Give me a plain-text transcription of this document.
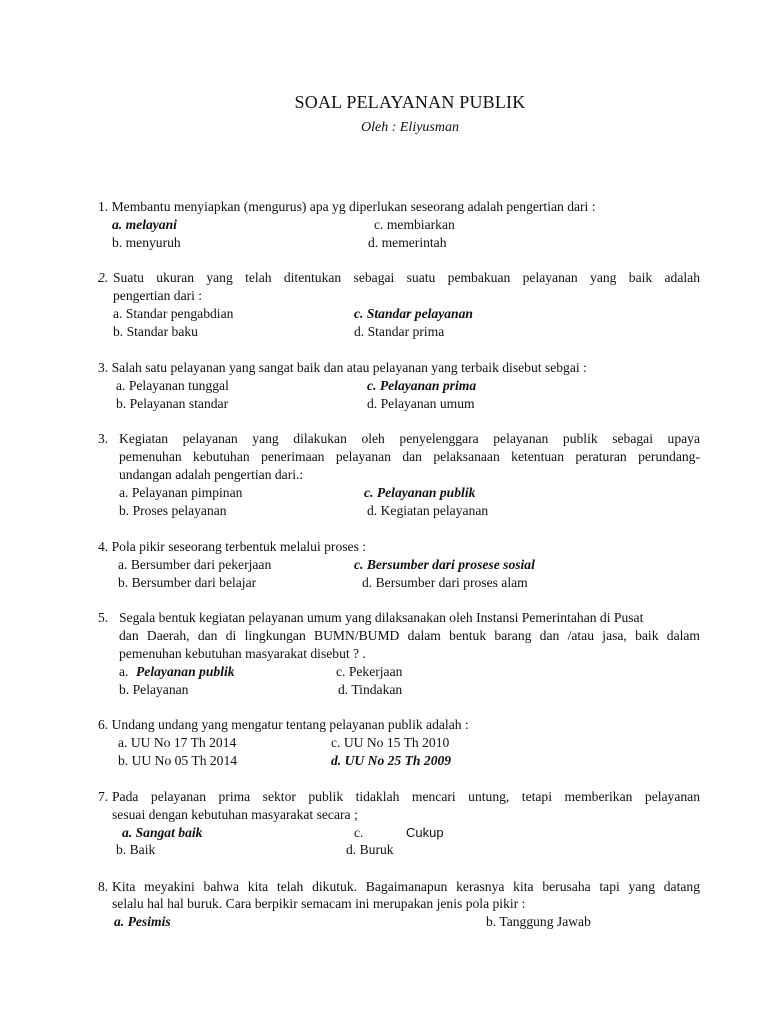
SOAL PELAYANAN PUBLIK
Oleh : Eliyusman
1. Membantu menyiapkan (mengurus) apa yg diperlukan seseorang adalah pengertian dari :
a. melayani	c. membiarkan
b. menyuruh	d. memerintah
2. Suatu ukuran yang telah ditentukan sebagai suatu pembakuan pelayanan yang baik adalah
pengertian dari :
a. Standar pengabdian	c. Standar pelayanan
b. Standar baku	d. Standar prima
3. Salah satu pelayanan yang sangat baik dan atau pelayanan yang terbaik disebut sebgai :
a. Pelayanan tunggal	c. Pelayanan prima
b. Pelayanan standar	d. Pelayanan umum
3. Kegiatan pelayanan yang dilakukan oleh penyelenggara pelayanan publik sebagai upaya
pemenuhan kebutuhan penerimaan pelayanan dan pelaksanaan ketentuan peraturan perundang-
undangan adalah pengertian dari.:
a. Pelayanan pimpinan	c. Pelayanan publik
b. Proses pelayanan	d. Kegiatan pelayanan
4. Pola pikir seseorang terbentuk melalui proses :
a. Bersumber dari pekerjaan	c. Bersumber dari prosese sosial
b. Bersumber dari belajar	d. Bersumber dari proses alam
5. Segala bentuk kegiatan pelayanan umum yang dilaksanakan oleh Instansi Pemerintahan di Pusat
dan Daerah, dan di lingkungan BUMN/BUMD dalam bentuk barang dan /atau jasa, baik dalam
pemenuhan kebutuhan masyarakat disebut ? .
a. Pelayanan publik	c. Pekerjaan
b. Pelayanan	d. Tindakan
6. Undang undang yang mengatur tentang pelayanan publik adalah :
a. UU No 17 Th 2014	c. UU No 15 Th 2010
b. UU No 05 Th 2014	d. UU No 25 Th 2009
7. Pada pelayanan prima sektor publik tidaklah mencari untung, tetapi memberikan pelayanan
sesuai dengan kebutuhan masyarakat secara ;
a. Sangat baik	c.	Cukup
b. Baik	d. Buruk
8. Kita meyakini bahwa kita telah dikutuk. Bagaimanapun kerasnya kita berusaha tapi yang datang
selalu hal hal buruk. Cara berpikir semacam ini merupakan jenis pola pikir :
a. Pesimis	b. Tanggung Jawab
